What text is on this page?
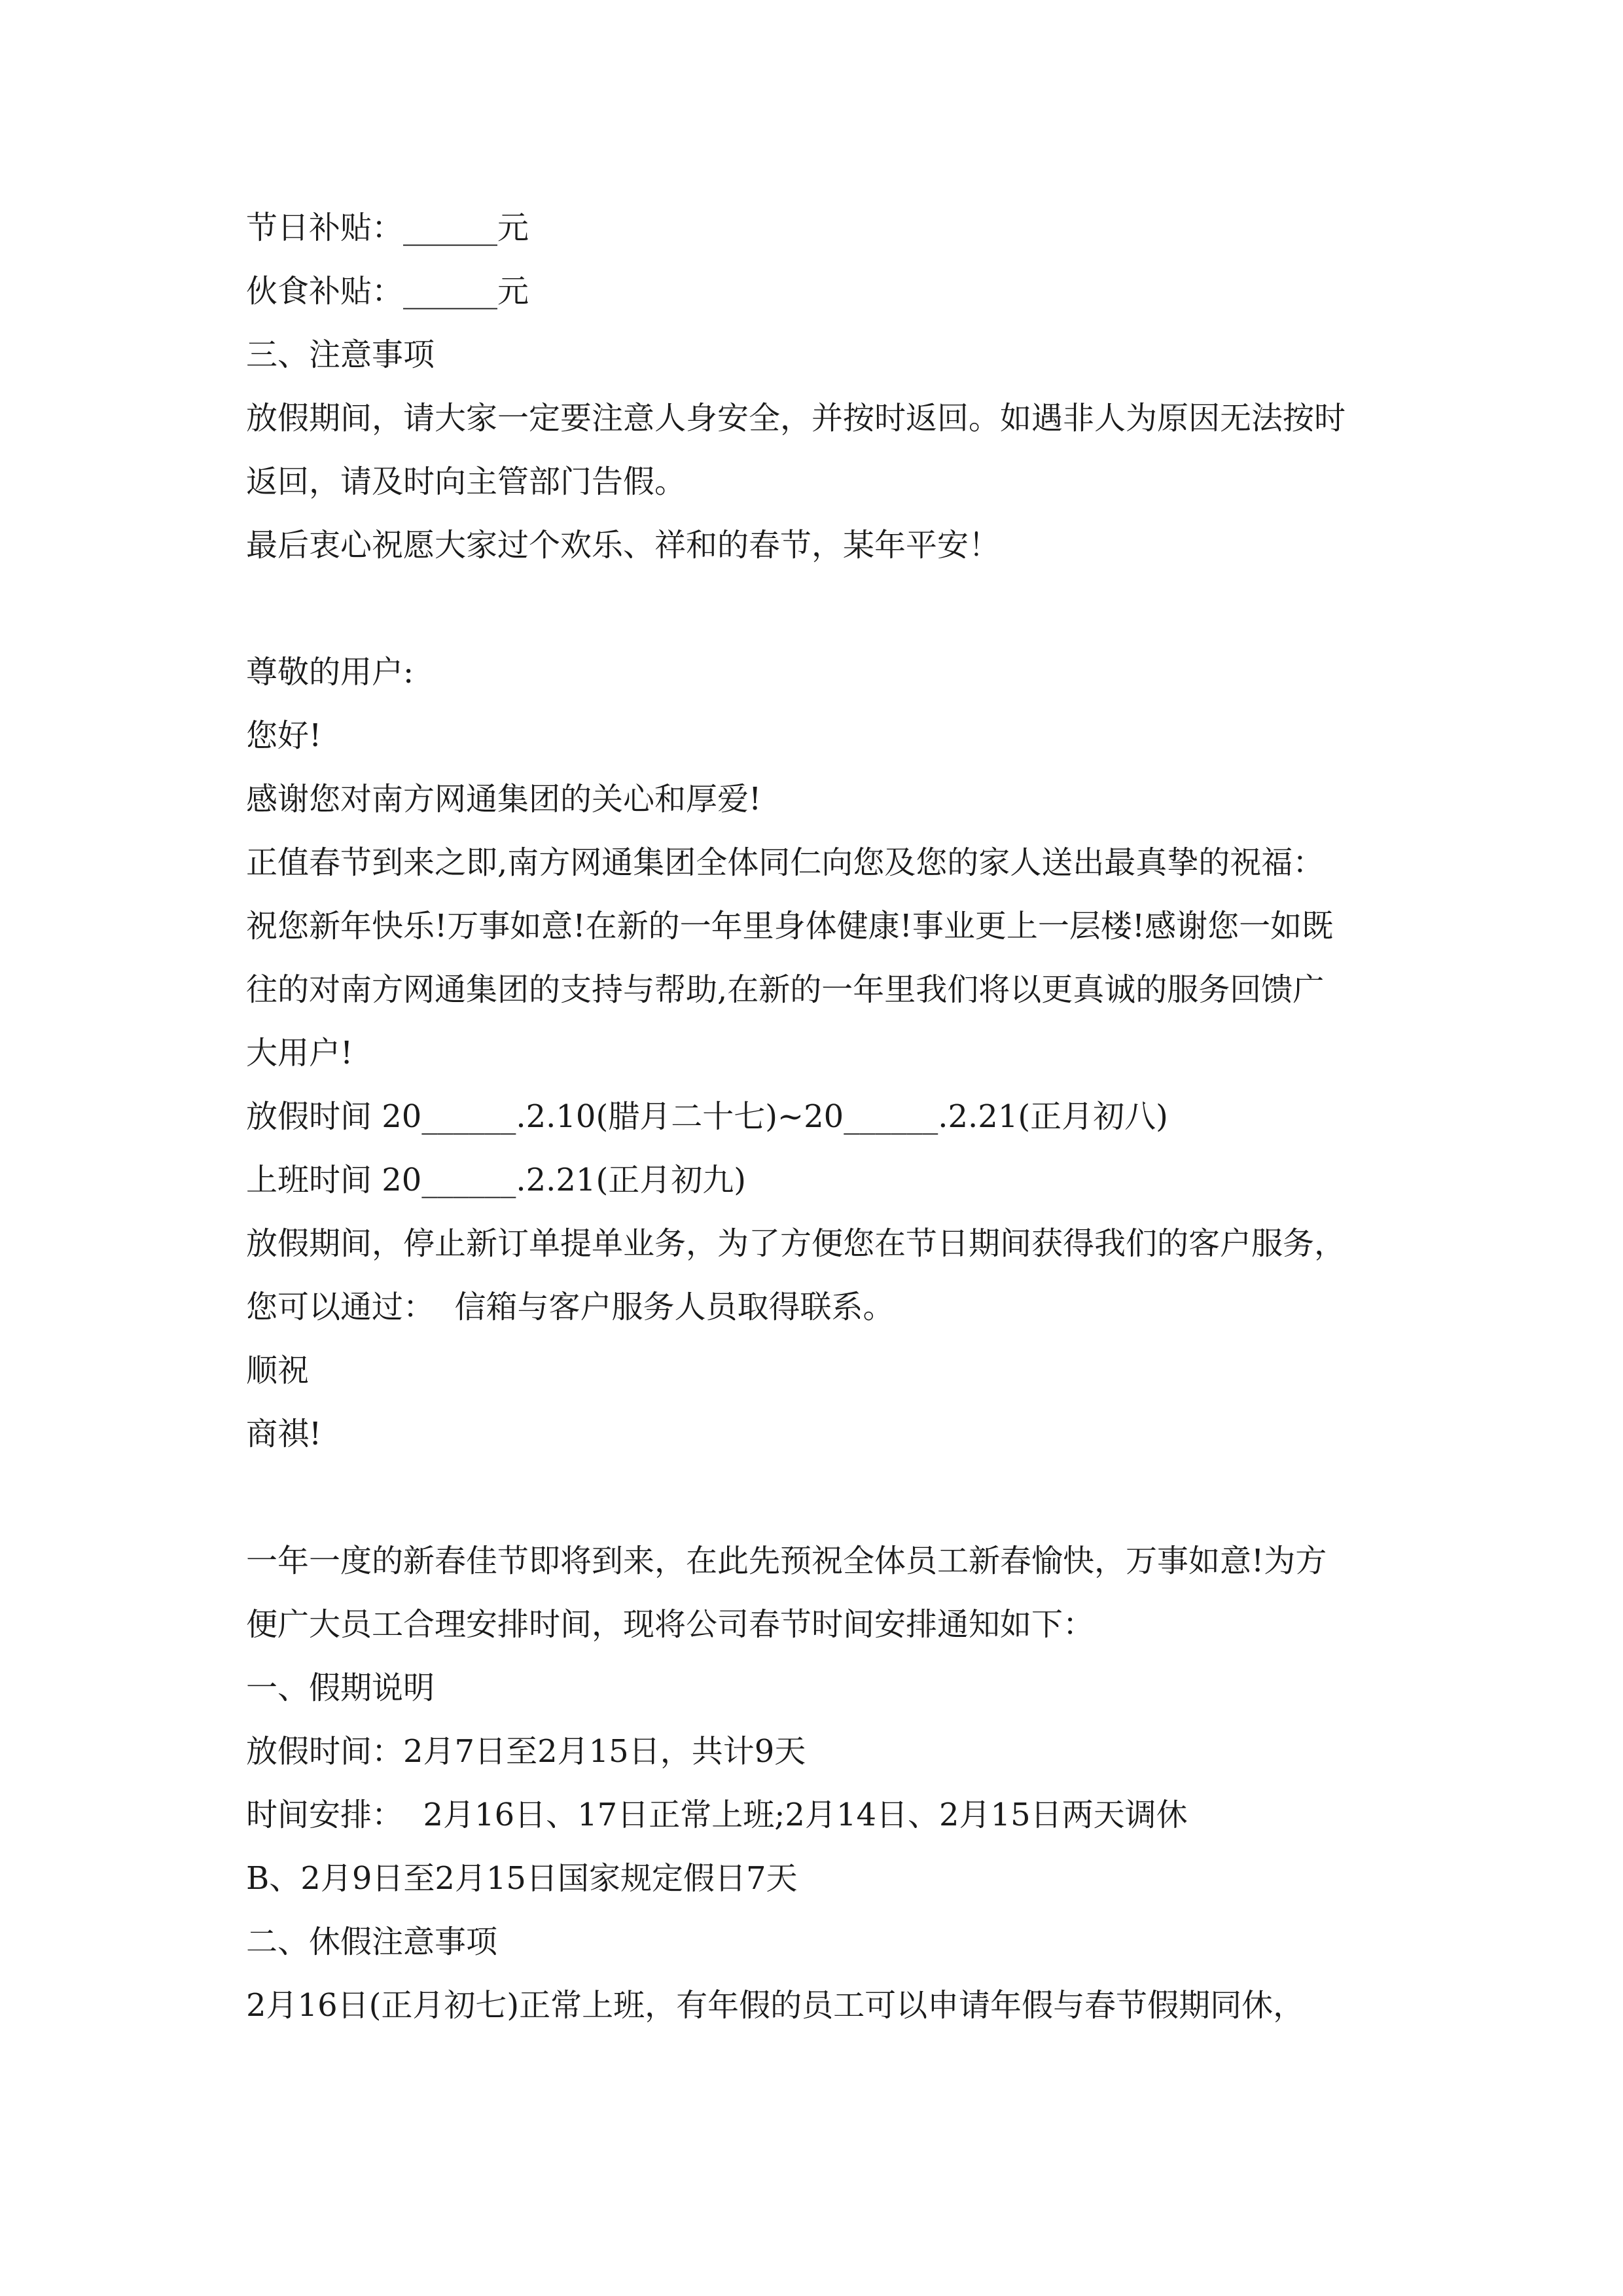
节日补贴：______元
伙食补贴：______元
三、注意事项
放假期间，请大家一定要注意人身安全，并按时返回。如遇非人为原因无法按时
返回，请及时向主管部门告假。
最后衷心祝愿大家过个欢乐、祥和的春节，某年平安！
尊敬的用户:
您好!
感谢您对南方网通集团的关心和厚爱!
正值春节到来之即,南方网通集团全体同仁向您及您的家人送出最真挚的祝福：
祝您新年快乐!万事如意!在新的一年里身体健康!事业更上一层楼!感谢您一如既
往的对南方网通集团的支持与帮助,在新的一年里我们将以更真诚的服务回馈广
大用户!
放假时间 20______.2.10(腊月二十七)~20______.2.21(正月初八)
上班时间 20______.2.21(正月初九)
放假期间，停止新订单提单业务，为了方便您在节日期间获得我们的客户服务，
您可以通过：  信箱与客户服务人员取得联系。
顺祝
商祺!
一年一度的新春佳节即将到来，在此先预祝全体员工新春愉快，万事如意!为方
便广大员工合理安排时间，现将公司春节时间安排通知如下：
一、假期说明
放假时间：2月7日至2月15日，共计9天
时间安排：  2月16日、17日正常上班;2月14日、2月15日两天调休
B、2月9日至2月15日国家规定假日7天
二、休假注意事项
2月16日(正月初七)正常上班，有年假的员工可以申请年假与春节假期同休，
